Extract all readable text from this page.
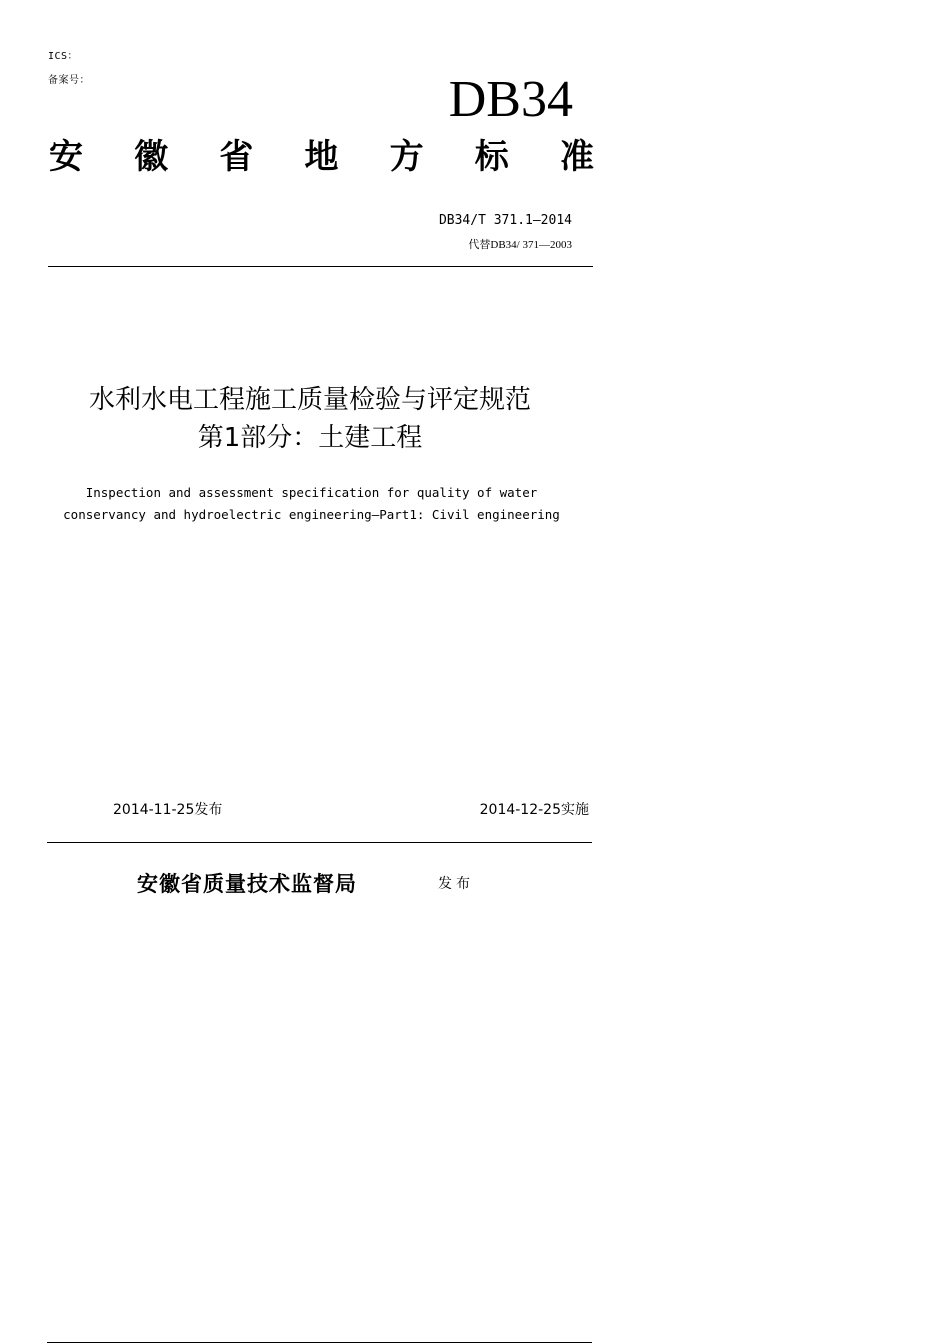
ICS：
备案号：	DB34
安 徽 省 地 方 标 准
DB34/T 371.1—2014
代替DB34/ 371—2003
水利水电工程施工质量检验与评定规范
第1部分：土建工程
Inspection and assessment specification for quality of water
conservancy and hydroelectric engineering—Part1: Civil engineering
2014-11-25发布	2014-12-25实施
安徽省质量技术监督局	发布
